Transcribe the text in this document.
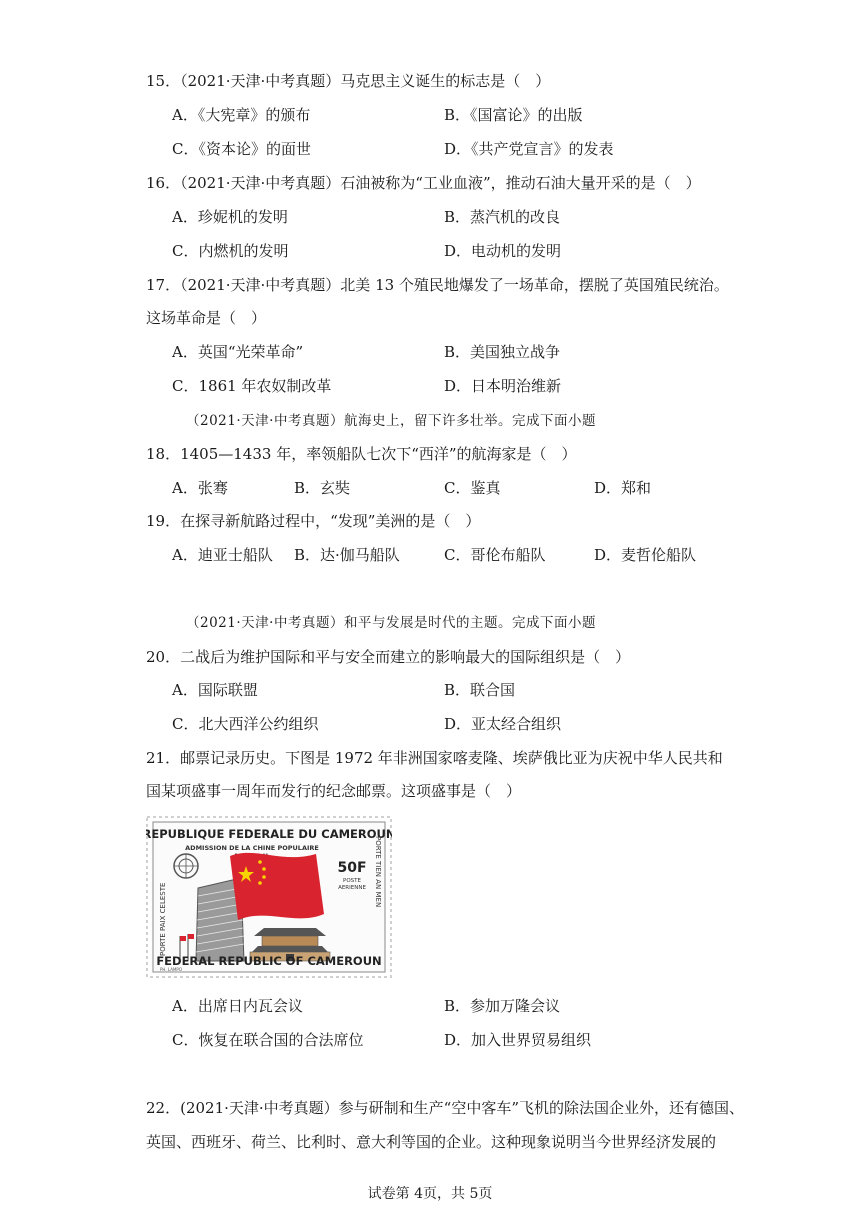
15．（2021·天津·中考真题）马克思主义诞生的标志是（　）
A．《大宪章》的颁布	B．《国富论》的出版
C．《资本论》的面世	D．《共产党宣言》的发表
16．（2021·天津·中考真题）石油被称为“工业血液”，推动石油大量开采的是（　）
A．珍妮机的发明	B．蒸汽机的改良
C．内燃机的发明	D．电动机的发明
17．（2021·天津·中考真题）北美 13 个殖民地爆发了一场革命，摆脱了英国殖民统治。
这场革命是（　）
A．英国“光荣革命”	B．美国独立战争
C．1861 年农奴制改革	D．日本明治维新
（2021·天津·中考真题）航海史上，留下许多壮举。完成下面小题
18．1405—1433 年，率领船队七次下“西洋”的航海家是（　）
A．张骞	B．玄奘	C．鉴真	D．郑和
19．在探寻新航路过程中，“发现”美洲的是（　）
A．迪亚士船队 B．达·伽马船队	C．哥伦布船队	D．麦哲伦船队
（2021·天津·中考真题）和平与发展是时代的主题。完成下面小题
20．二战后为维护国际和平与安全而建立的影响最大的国际组织是（　）
A．国际联盟	B．联合国
C．北大西洋公约组织	D．亚太经合组织
21．邮票记录历史。下图是 1972 年非洲国家喀麦隆、埃萨俄比亚为庆祝中华人民共和
国某项盛事一周年而发行的纪念邮票。这项盛事是（　）
REPUBLIQUE FEDERALE DU CAMEROUN
ADMISSION DE LA CHINE POPULAIRE
50F
POSTE
AERIENNE
PORTE PAIX CELESTE
PORTE TIEN AN MEN
FEDERAL REPUBLIC OF CAMEROUN
PH. LAMPO
A．出席日内瓦会议	B．参加万隆会议
C．恢复在联合国的合法席位	D．加入世界贸易组织
22．(2021·天津·中考真题）参与研制和生产“空中客车”飞机的除法国企业外，还有德国、
英国、西班牙、荷兰、比利时、意大利等国的企业。这种现象说明当今世界经济发展的
试卷第 4页，共 5页
